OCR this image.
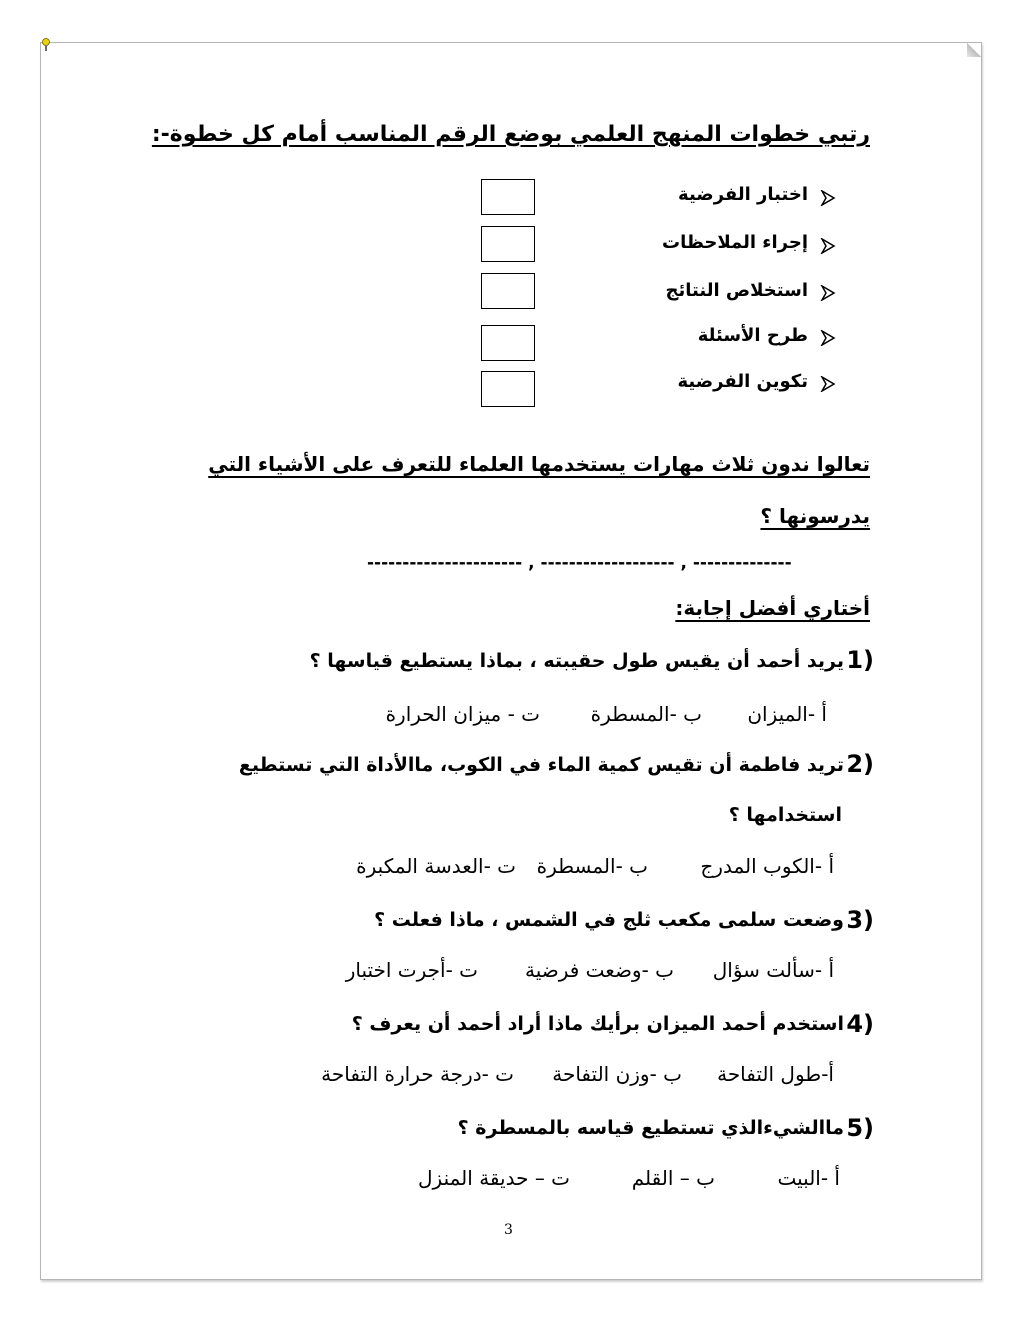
رتبي خطوات المنهج العلمي بوضع الرقم المناسب أمام كل خطوة-:
اختبار الفرضية
إجراء الملاحظات
استخلاص النتائج
طرح الأسئلة
تكوين الفرضية
تعالوا ندون ثلاث مهارات يستخدمها العلماء للتعرف على الأشياء التي
يدرسونها ؟
---------------------- , ------------------- , --------------
أختاري أفضل إجابة:
1)
يريد أحمد أن يقيس طول حقيبته ، بماذا يستطيع قياسها ؟
أ -الميزان
ب -المسطرة
ت - ميزان الحرارة
2)
تريد فاطمة أن تقيس كمية الماء في الكوب، ماالأداة التي تستطيع
استخدامها ؟
أ -الكوب المدرج
ب -المسطرة
ت -العدسة المكبرة
3)
وضعت سلمى مكعب ثلج في الشمس ، ماذا فعلت ؟
أ -سألت سؤال
ب -وضعت فرضية
ت -أجرت اختبار
4)
استخدم أحمد الميزان برأيك ماذا أراد أحمد أن يعرف ؟
أ-طول التفاحة
ب -وزن التفاحة
ت -درجة حرارة التفاحة
5)
ماالشيءالذي تستطيع قياسه بالمسطرة ؟
أ -البيت
ب – القلم
ت – حديقة المنزل
3
